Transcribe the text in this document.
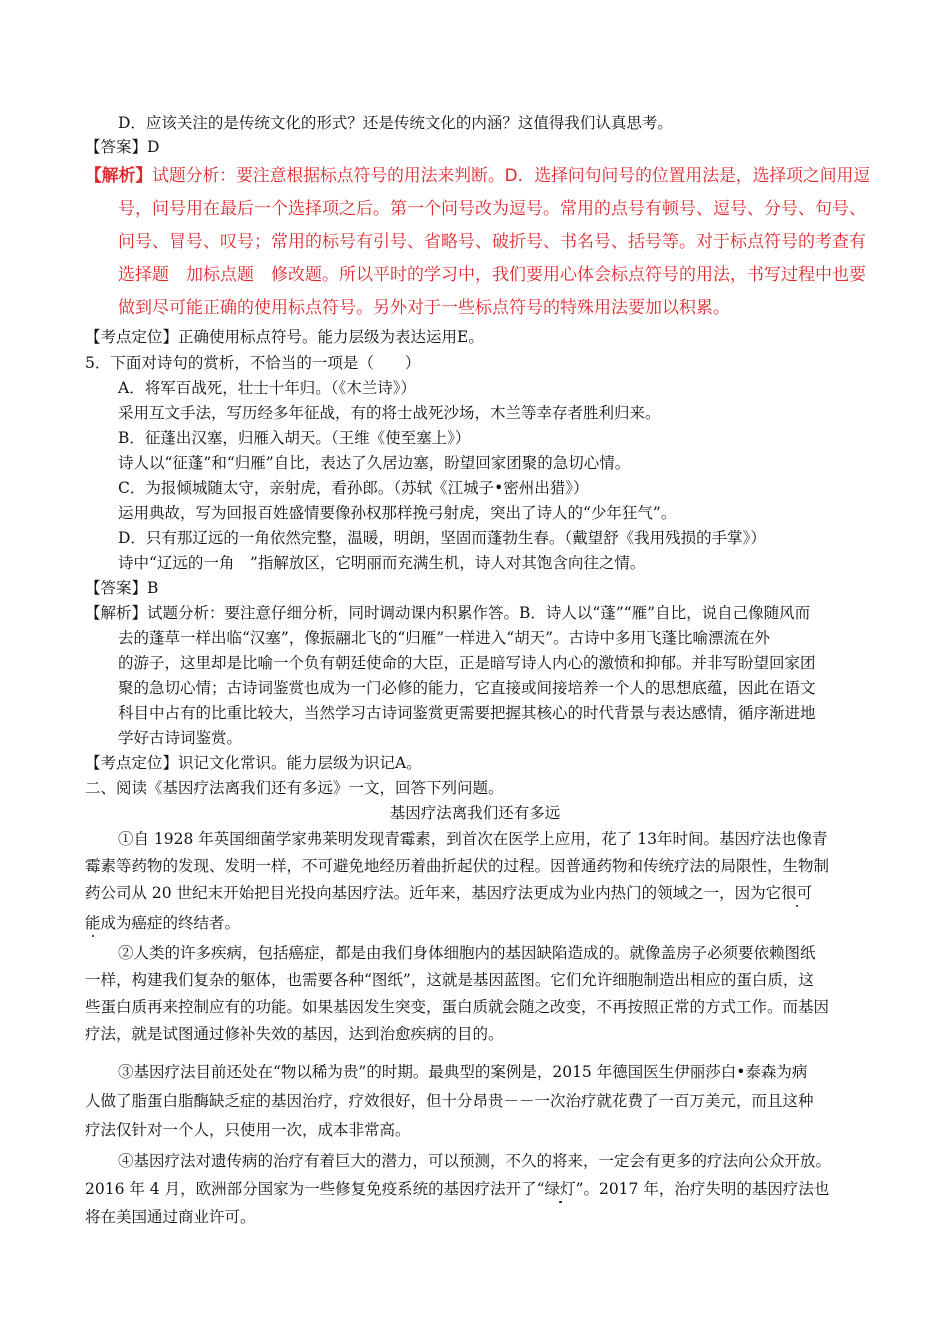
D．应该关注的是传统文化的形式？还是传统文化的内涵？这值得我们认真思考。
【答案】D
【解析】试题分析：要注意根据标点符号的用法来判断。D．选择问句问号的位置用法是，选择项之间用逗
号，问号用在最后一个选择项之后。第一个问号改为逗号。常用的点号有顿号、逗号、分号、句号、
问号、冒号、叹号；常用的标号有引号、省略号、破折号、书名号、括号等。对于标点符号的考查有
选择题　加标点题　修改题。所以平时的学习中，我们要用心体会标点符号的用法，书写过程中也要
做到尽可能正确的使用标点符号。另外对于一些标点符号的特殊用法要加以积累。
【考点定位】正确使用标点符号。能力层级为表达运用E。
5．下面对诗句的赏析，不恰当的一项是（　　）
A．将军百战死，壮士十年归。（《木兰诗》）
采用互文手法，写历经多年征战，有的将士战死沙场，木兰等幸存者胜利归来。
B．征蓬出汉塞，归雁入胡天。（王维《使至塞上》）
诗人以“征蓬”和“归雁”自比，表达了久居边塞，盼望回家团聚的急切心情。
C．为报倾城随太守，亲射虎，看孙郎。（苏轼《江城子•密州出猎》）
运用典故，写为回报百姓盛情要像孙权那样挽弓射虎，突出了诗人的“少年狂气”。
D．只有那辽远的一角依然完整，温暖，明朗，坚固而蓬勃生春。（戴望舒《我用残损的手掌》）
诗中“辽远的一角　”指解放区，它明丽而充满生机，诗人对其饱含向往之情。
【答案】B
【解析】试题分析：要注意仔细分析，同时调动课内积累作答。B．诗人以“蓬”“雁”自比，说自己像随风而
去的蓬草一样出临“汉塞”，像振翮北飞的“归雁”一样进入“胡天”。古诗中多用飞蓬比喻漂流在外
的游子，这里却是比喻一个负有朝廷使命的大臣，正是暗写诗人内心的激愤和抑郁。并非写盼望回家团
聚的急切心情；古诗词鉴赏也成为一门必修的能力，它直接或间接培养一个人的思想底蕴，因此在语文
科目中占有的比重比较大，当然学习古诗词鉴赏更需要把握其核心的时代背景与表达感情，循序渐进地
学好古诗词鉴赏。
【考点定位】识记文化常识。能力层级为识记A。
二、阅读《基因疗法离我们还有多远》一文，回答下列问题。
基因疗法离我们还有多远
①自 1928 年英国细菌学家弗莱明发现青霉素，到首次在医学上应用，花了 13年时间。基因疗法也像青
霉素等药物的发现、发明一样，不可避免地经历着曲折起伏的过程。因普通药物和传统疗法的局限性，生物制
药公司从 20 世纪末开始把目光投向基因疗法。近年来，基因疗法更成为业内热门的领域之一，因为它很可
能成为癌症的终结者。
②人类的许多疾病，包括癌症，都是由我们身体细胞内的基因缺陷造成的。就像盖房子必须要依赖图纸
一样，构建我们复杂的躯体，也需要各种“图纸”，这就是基因蓝图。它们允许细胞制造出相应的蛋白质，这
些蛋白质再来控制应有的功能。如果基因发生突变，蛋白质就会随之改变，不再按照正常的方式工作。而基因
疗法，就是试图通过修补失效的基因，达到治愈疾病的目的。
③基因疗法目前还处在“物以稀为贵”的时期。最典型的案例是，2015 年德国医生伊丽莎白•泰森为病
人做了脂蛋白脂酶缺乏症的基因治疗，疗效很好，但十分昂贵－－一次治疗就花费了一百万美元，而且这种
疗法仅针对一个人，只使用一次，成本非常高。
④基因疗法对遗传病的治疗有着巨大的潜力，可以预测，不久的将来，一定会有更多的疗法向公众开放。
2016 年 4 月，欧洲部分国家为一些修复免疫系统的基因疗法开了“绿灯”。2017 年，治疗失明的基因疗法也
将在美国通过商业许可。
